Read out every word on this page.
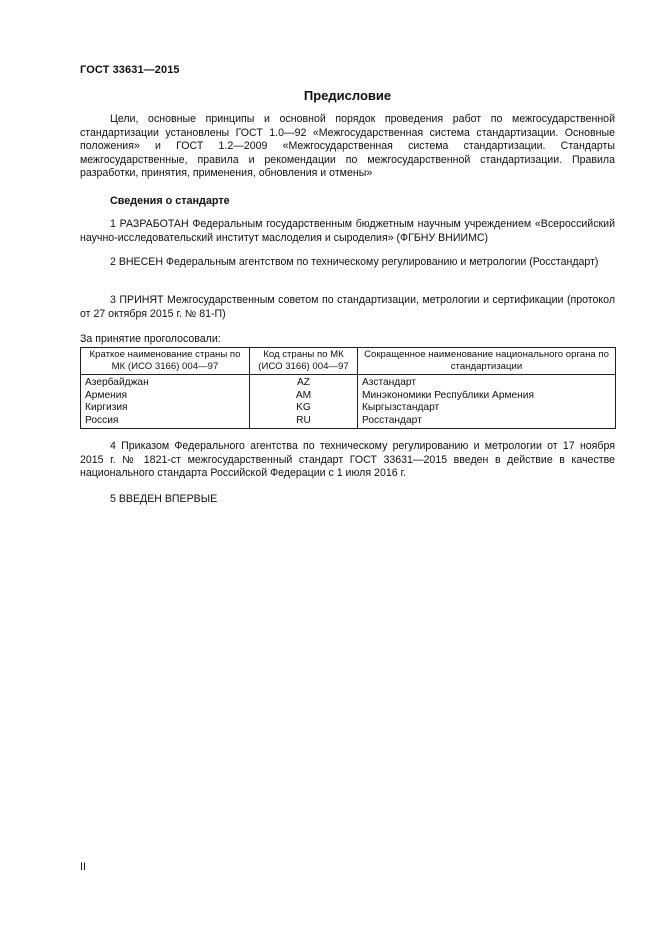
ГОСТ 33631—2015
Предисловие

Цели, основные принципы и основной порядок проведения работ по межгосударственной стандартизации установлены ГОСТ 1.0—92 «Межгосударственная система стандартизации. Основные положения» и ГОСТ 1.2—2009 «Межгосударственная система стандартизации. Стандарты межгосударственные, правила и рекомендации по межгосударственной стандартизации. Правила разработки, принятия, применения, обновления и отмены»

Сведения о стандарте

1 РАЗРАБОТАН Федеральным государственным бюджетным научным учреждением «Всероссийский научно-исследовательский институт маслоделия и сыроделия» (ФГБНУ ВНИИМС)

2 ВНЕСЕН Федеральным агентством по техническому регулированию и метрологии (Росстандарт)

3 ПРИНЯТ Межгосударственным советом по стандартизации, метрологии и сертификации (протокол от 27 октября 2015 г. № 81-П)

За принятие проголосовали:
Краткое наименование страны по МК (ИСО 3166) 004—97	Код страны по МК (ИСО 3166) 004—97	Сокращенное наименование национального органа по стандартизации
Азербайджан	AZ	Азстандарт
Армения	AM	Минэкономики Республики Армения
Киргизия	KG	Кыргызстандарт
Россия	RU	Росстандарт

4 Приказом Федерального агентства по техническому регулированию и метрологии от 17 ноября 2015 г. № 1821-ст межгосударственный стандарт ГОСТ 33631—2015 введен в действие в качестве национального стандарта Российской Федерации с 1 июля 2016 г.

5 ВВЕДЕН ВПЕРВЫЕ

II
